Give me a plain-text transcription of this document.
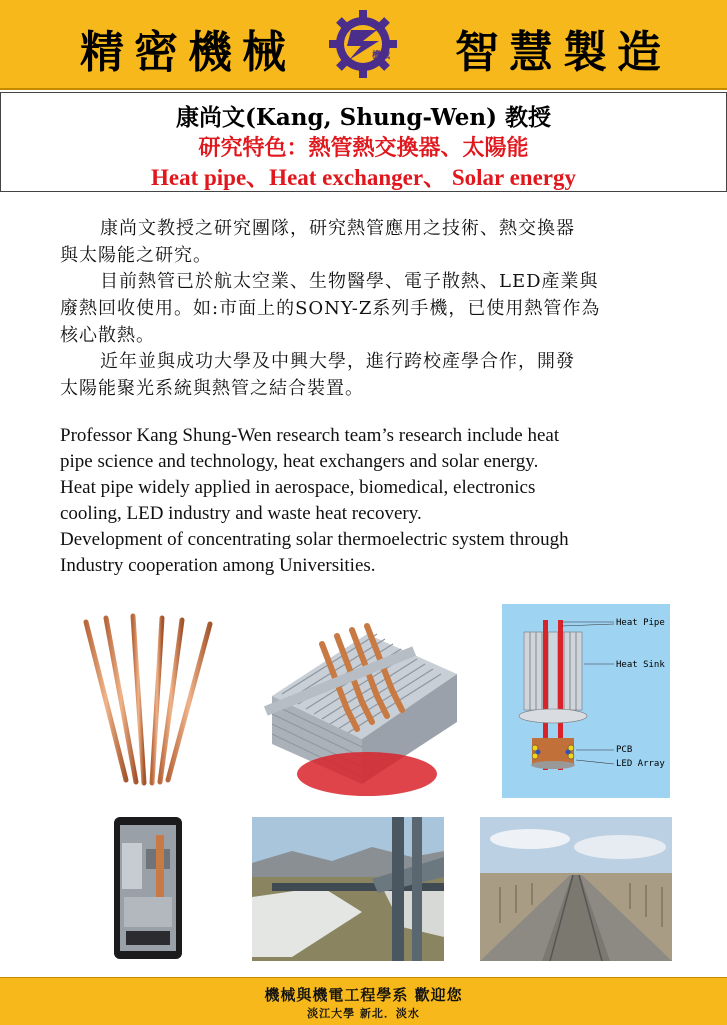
精密機械	機械 智慧製造
康尚文(Kang, Shung-Wen) 教授
研究特色：熱管熱交換器、太陽能
Heat pipe、Heat exchanger、 Solar energy
康尚文教授之研究團隊，研究熱管應用之技術、熱交換器
與太陽能之研究。
目前熱管已於航太空業、生物醫學、電子散熱、LED產業與
廢熱回收使用。如:市面上的SONY-Z系列手機，已使用熱管作為
核心散熱。
近年並與成功大學及中興大學，進行跨校產學合作，開發
太陽能聚光系統與熱管之結合裝置。
Professor Kang Shung-Wen research team’s research include heat
pipe science and technology, heat exchangers and solar energy.
Heat pipe widely applied in aerospace, biomedical, electronics
cooling, LED industry and waste heat recovery.
Development of concentrating solar thermoelectric system through
Industry cooperation among Universities.
Heat Pipe
Heat Sink
PCB
LED Array
機械與機電工程學系 歡迎您
淡江大學 新北．淡水
